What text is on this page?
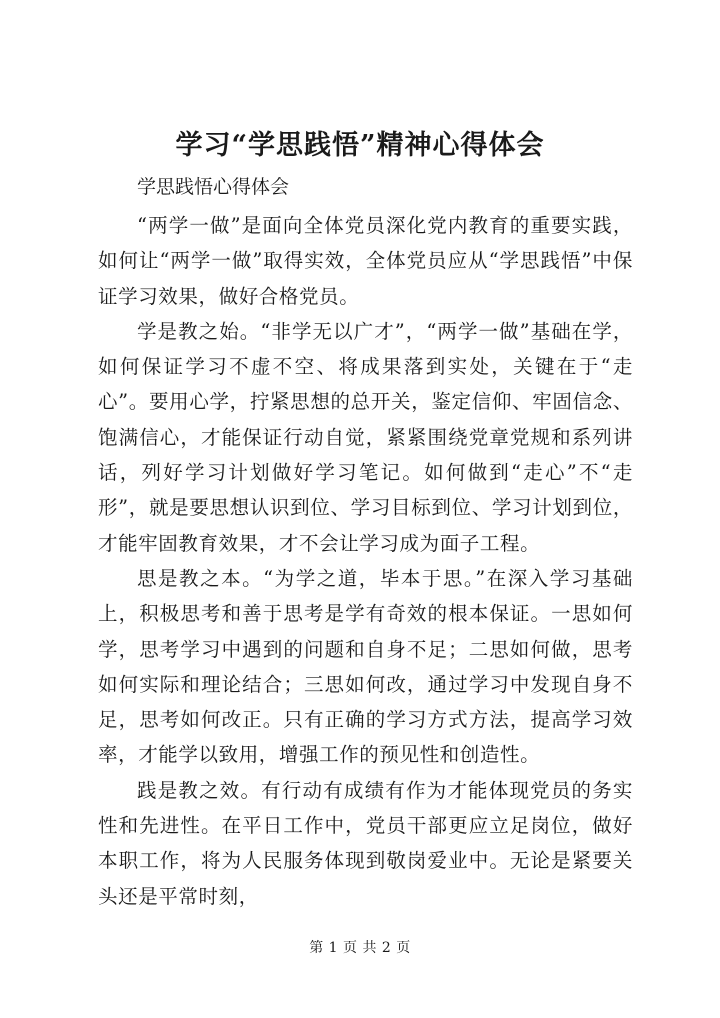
学习“学思践悟”精神心得体会

学思践悟心得体会

“两学一做”是面向全体党员深化党内教育的重要实践，如何让“两学一做”取得实效，全体党员应从“学思践悟”中保证学习效果，做好合格党员。

学是教之始。“非学无以广才”，“两学一做”基础在学，如何保证学习不虚不空、将成果落到实处，关键在于“走心”。要用心学，拧紧思想的总开关，鉴定信仰、牢固信念、饱满信心，才能保证行动自觉，紧紧围绕党章党规和系列讲话，列好学习计划做好学习笔记。如何做到“走心”不“走形”，就是要思想认识到位、学习目标到位、学习计划到位，才能牢固教育效果，才不会让学习成为面子工程。

思是教之本。“为学之道，毕本于思。”在深入学习基础上，积极思考和善于思考是学有奇效的根本保证。一思如何学，思考学习中遇到的问题和自身不足；二思如何做，思考如何实际和理论结合；三思如何改，通过学习中发现自身不足，思考如何改正。只有正确的学习方式方法，提高学习效率，才能学以致用，增强工作的预见性和创造性。

践是教之效。有行动有成绩有作为才能体现党员的务实性和先进性。在平日工作中，党员干部更应立足岗位，做好本职工作，将为人民服务体现到敬岗爱业中。无论是紧要关头还是平常时刻，

第 1 页 共 2 页
